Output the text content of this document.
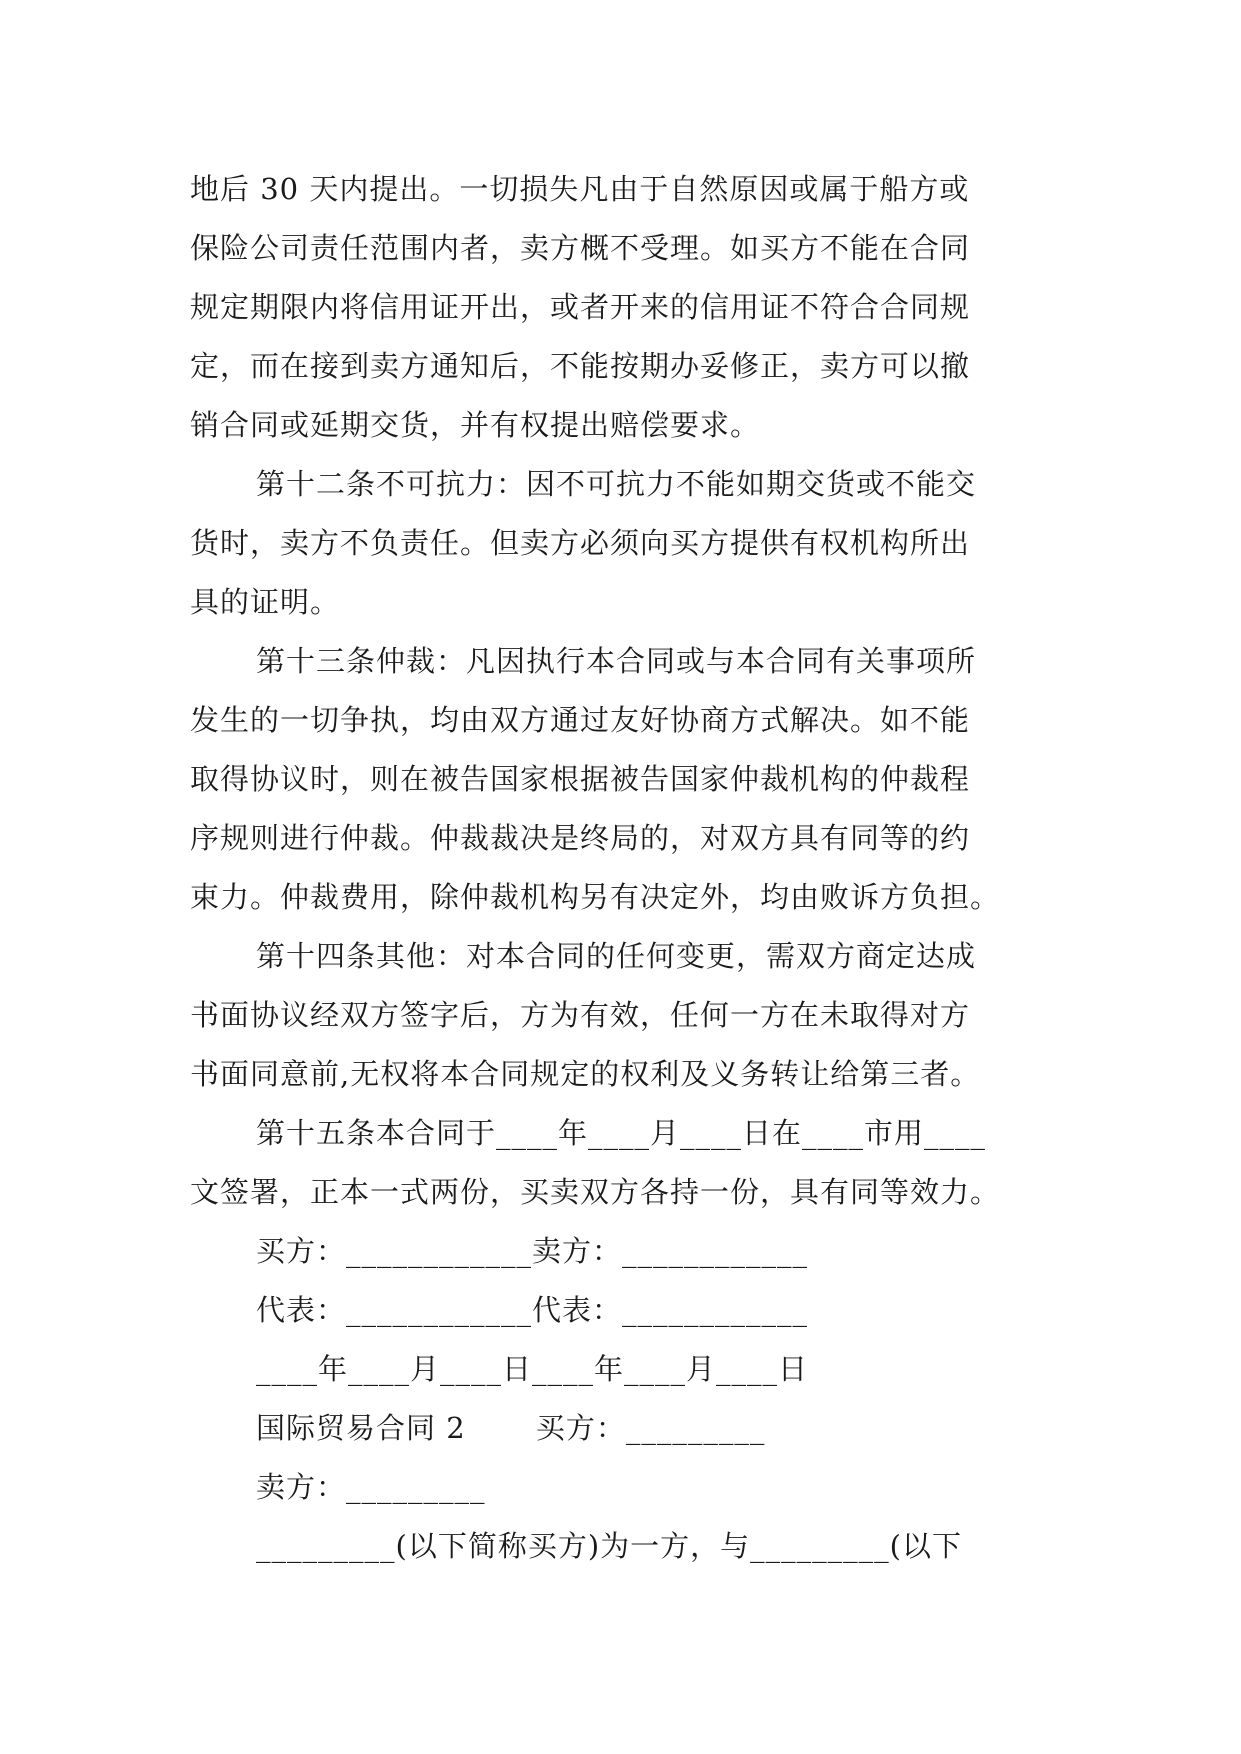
地后 30 天内提出。一切损失凡由于自然原因或属于船方或
保险公司责任范围内者，卖方概不受理。如买方不能在合同
规定期限内将信用证开出，或者开来的信用证不符合合同规
定，而在接到卖方通知后，不能按期办妥修正，卖方可以撤
销合同或延期交货，并有权提出赔偿要求。
第十二条不可抗力：因不可抗力不能如期交货或不能交
货时，卖方不负责任。但卖方必须向买方提供有权机构所出
具的证明。
第十三条仲裁：凡因执行本合同或与本合同有关事项所
发生的一切争执，均由双方通过友好协商方式解决。如不能
取得协议时，则在被告国家根据被告国家仲裁机构的仲裁程
序规则进行仲裁。仲裁裁决是终局的，对双方具有同等的约
束力。仲裁费用，除仲裁机构另有决定外，均由败诉方负担。
第十四条其他：对本合同的任何变更，需双方商定达成
书面协议经双方签字后，方为有效，任何一方在未取得对方
书面同意前,无权将本合同规定的权利及义务转让给第三者。
第十五条本合同于____年____月____日在____市用____
文签署，正本一式两份，买卖双方各持一份，具有同等效力。
买方：____________卖方：____________
代表：____________代表：____________
____年____月____日____年____月____日
国际贸易合同 2 　　买方：_________
卖方：_________
_________(以下简称买方)为一方，与_________(以下
